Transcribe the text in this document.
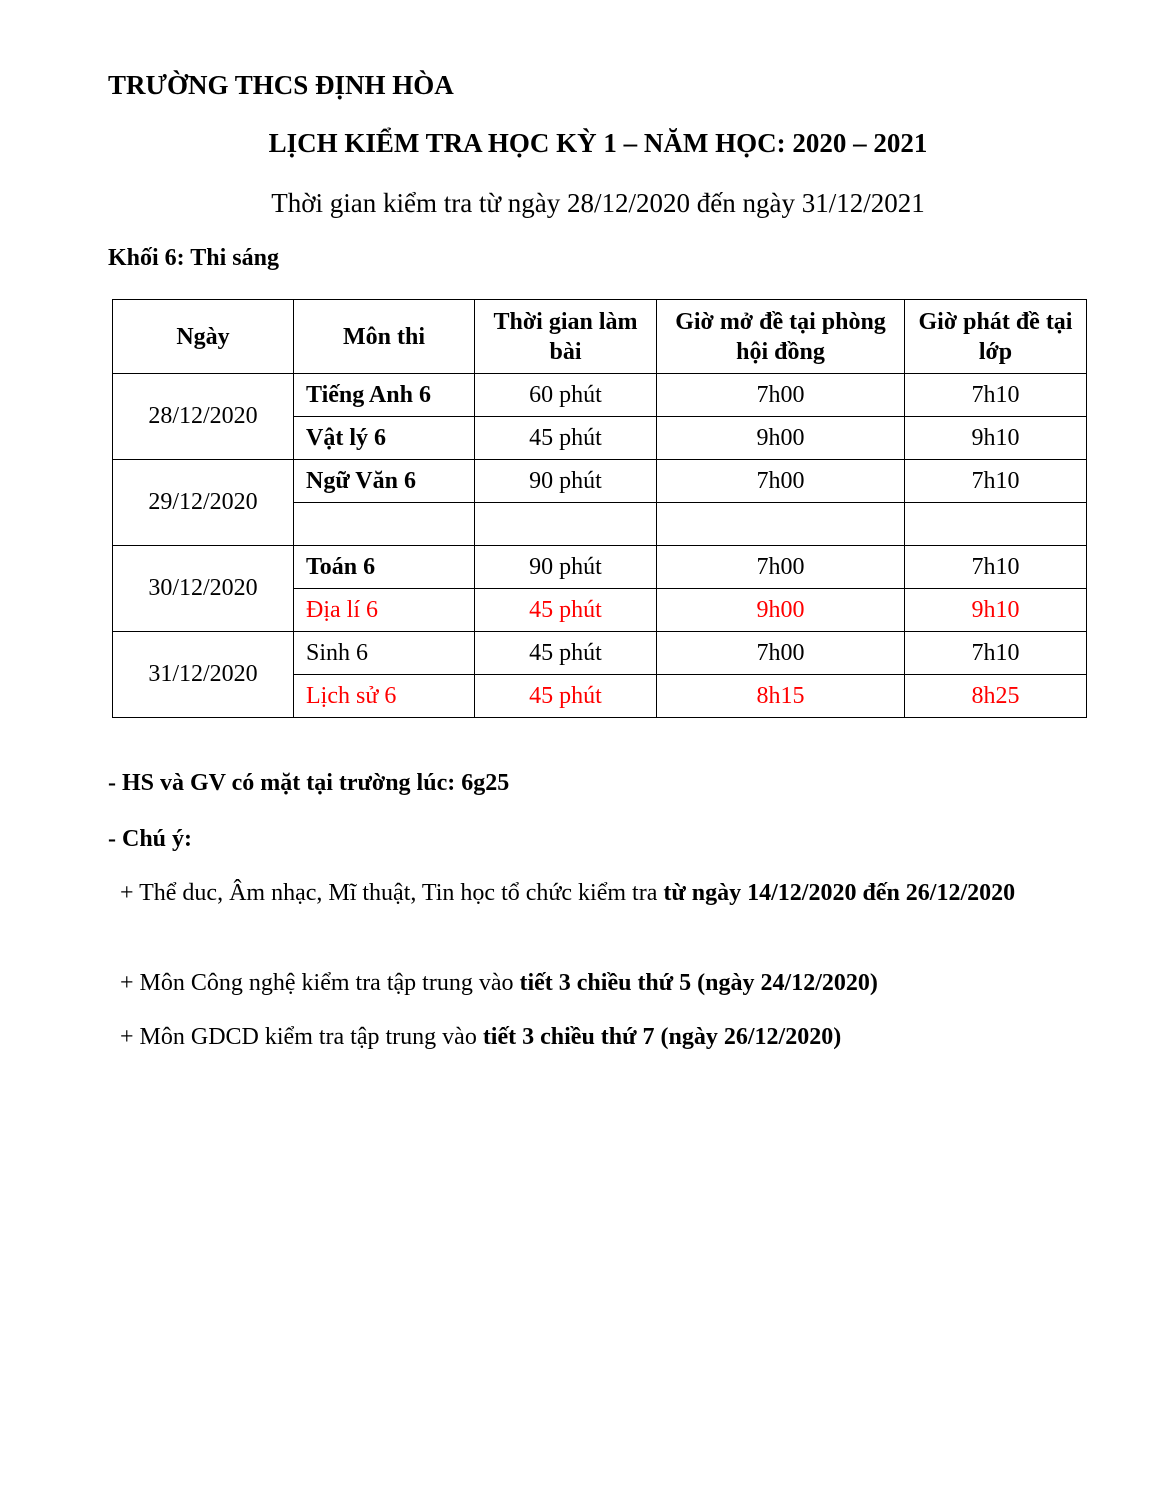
TRƯỜNG THCS ĐỊNH HÒA
LỊCH KIỂM TRA HỌC KỲ 1 – NĂM HỌC: 2020 – 2021
Thời gian kiểm tra từ ngày 28/12/2020 đến ngày 31/12/2021
Khối 6: Thi sáng
Ngày	Môn thi	Thời gian làm bài	Giờ mở đề tại phòng hội đồng	Giờ phát đề tại lớp
28/12/2020	Tiếng Anh 6	60 phút	7h00	7h10
	Vật lý 6	45 phút	9h00	9h10
29/12/2020	Ngữ Văn 6	90 phút	7h00	7h10

30/12/2020	Toán 6	90 phút	7h00	7h10
	Địa lí 6	45 phút	9h00	9h10
31/12/2020	Sinh 6	45 phút	7h00	7h10
	Lịch sử 6	45 phút	8h15	8h25
- HS và GV có mặt tại trường lúc: 6g25
- Chú ý:
+ Thể duc, Âm nhạc, Mĩ thuật, Tin học tổ chức kiểm tra từ ngày 14/12/2020 đến 26/12/2020
+ Môn Công nghệ kiểm tra tập trung vào tiết 3 chiều thứ 5 (ngày 24/12/2020)
+ Môn GDCD kiểm tra tập trung vào tiết 3 chiều thứ 7 (ngày 26/12/2020)
